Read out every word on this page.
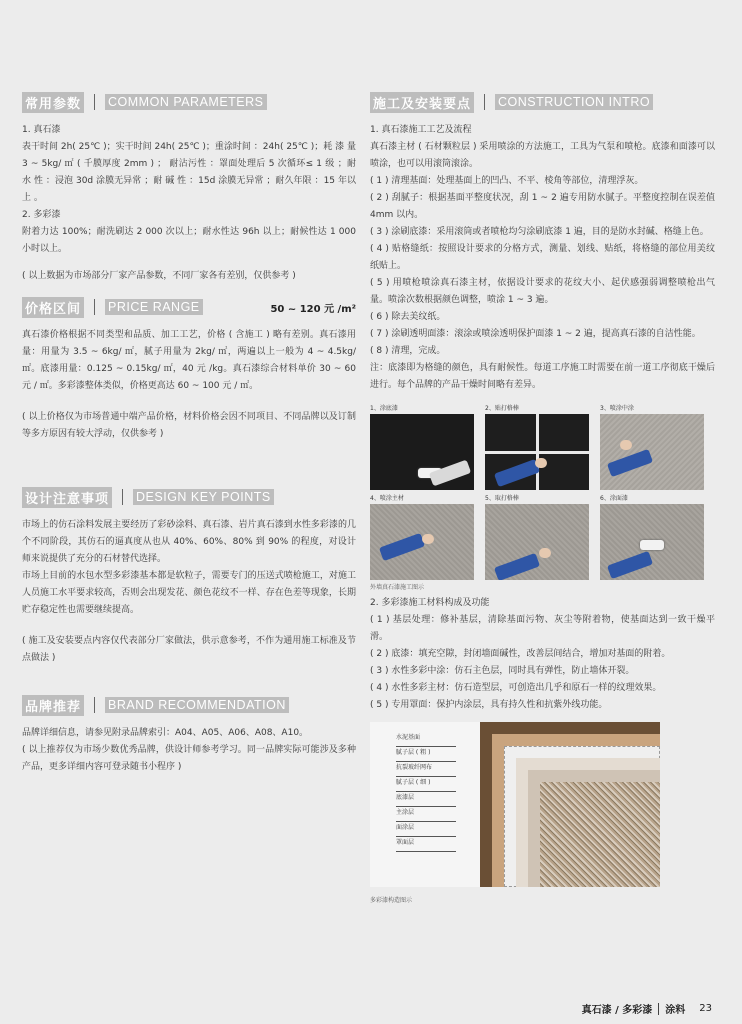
常用参数 COMMON PARAMETERS

1. 真石漆

表干时间 2h( 25℃ )；实干时间 24h( 25℃ )；重涂时间 ：24h( 25℃ )；耗 漆 量 3 ~ 5kg/ ㎡ ( 千膜厚度 2mm ) ； 耐沾污性 ：罩面处理后 5 次循环≤ 1 级 ；耐 水 性 ：浸泡 30d 涂膜无异常 ；耐 碱 性 ：15d 涂膜无异常 ；耐久年限 ：15 年以上 。

2. 多彩漆

附着力达 100%；耐洗刷达 2 000 次以上；耐水性达 96h 以上；耐候性达 1 000 小时以上。

( 以上数据为市场部分厂家产品参数，不同厂家各有差别，仅供参考 )

价格区间 PRICE RANGE	50 ~ 120 元 /m²

真石漆价格根据不同类型和品质、加工工艺，价格 ( 含施工 ) 略有差别。真石漆用量：用量为 3.5 ~ 6kg/ ㎡，腻子用量为 2kg/ ㎡，两遍以上一般为 4 ~ 4.5kg/ ㎡。底漆用量：0.125 ~ 0.15kg/ ㎡，40 元 /kg。真石漆综合材料单价 30 ~ 60 元 / ㎡。多彩漆整体类似，价格更高达 60 ~ 100 元 / ㎡。

( 以上价格仅为市场普通中端产品价格，材料价格会因不同项目、不同品牌以及订制等多方原因有较大浮动，仅供参考 )

设计注意事项 DESIGN KEY POINTS

市场上的仿石涂料发展主要经历了彩砂涂料、真石漆、岩片真石漆到水性多彩漆的几个不同阶段，其仿石的逼真度从也从 40%、60%、80% 到 90% 的程度，对设计师来说提供了充分的石材替代选择。

市场上目前的水包水型多彩漆基本都是软粒子，需要专门的压送式喷枪施工，对施工人员施工水平要求较高，否则会出现发花、颜色花纹不一样、存在色差等现象，长期贮存稳定性也需要继续提高。

( 施工及安装要点内容仅代表部分厂家做法，供示意参考，不作为通用施工标准及节点做法 )

品牌推荐 BRAND RECOMMENDATION

品牌详细信息，请参见附录品牌索引：A04、A05、A06、A08、A10。

( 以上推荐仅为市场少数优秀品牌，供设计师参考学习。同一品牌实际可能涉及多种产品，更多详细内容可登录随书小程序 )

施工及安装要点 CONSTRUCTION INTRO

1. 真石漆施工工艺及流程

真石漆主材 ( 石材颗粒层 ) 采用喷涂的方法施工，工具为气泵和喷枪。底漆和面漆可以喷涂，也可以用滚筒滚涂。

( 1 ) 清理基面：处理基面上的凹凸、不平、棱角等部位，清理浮灰。

( 2 ) 刮腻子：根据基面平整度状况，刮 1 ~ 2 遍专用防水腻子。平整度控制在误差值 4mm 以内。

( 3 ) 涂刷底漆：采用滚筒或者喷枪均匀涂刷底漆 1 遍，目的是防水封碱、格缝上色。

( 4 ) 贴格缝纸：按照设计要求的分格方式，测量、划线、贴纸，将格缝的部位用美纹纸贴上。

( 5 ) 用喷枪喷涂真石漆主材，依据设计要求的花纹大小、起伏感强弱调整喷枪出气量。喷涂次数根据颜色调整，喷涂 1 ~ 3 遍。

( 6 ) 除去美纹纸。

( 7 ) 涂刷透明面漆：滚涂或喷涂透明保护面漆 1 ~ 2 遍，提高真石漆的自洁性能。

( 8 ) 清理，完成。

注：底漆即为格缝的颜色，具有耐候性。每道工序施工时需要在前一道工序彻底干燥后进行。每个品牌的产品干燥时间略有差异。

1、涂底漆	2、贴打格棒	3、喷涂中涂
4、喷涂主材	5、取打格棒	6、涂面漆
外墙真石漆施工图示

2. 多彩漆施工材料构成及功能

( 1 ) 基层处理：修补基层，清除基面污物、灰尘等附着物，使基面达到一致干燥平滑。

( 2 ) 底漆：填充空隙，封闭墙面碱性，改善层间结合，增加对基面的附着。

( 3 ) 水性多彩中涂：仿石主色层，同时具有弹性，防止墙体开裂。

( 4 ) 水性多彩主材：仿石造型层，可创造出几乎和原石一样的纹理效果。

( 5 ) 专用罩面：保护内涂层，具有持久性和抗紫外线功能。

水泥基面
腻子层 ( 粗 )
抗裂玻纤网布
腻子层 ( 细 )
底漆层
主涂层
面涂层
罩面层
多彩漆构造图示
真石漆 / 多彩漆 涂料 23
